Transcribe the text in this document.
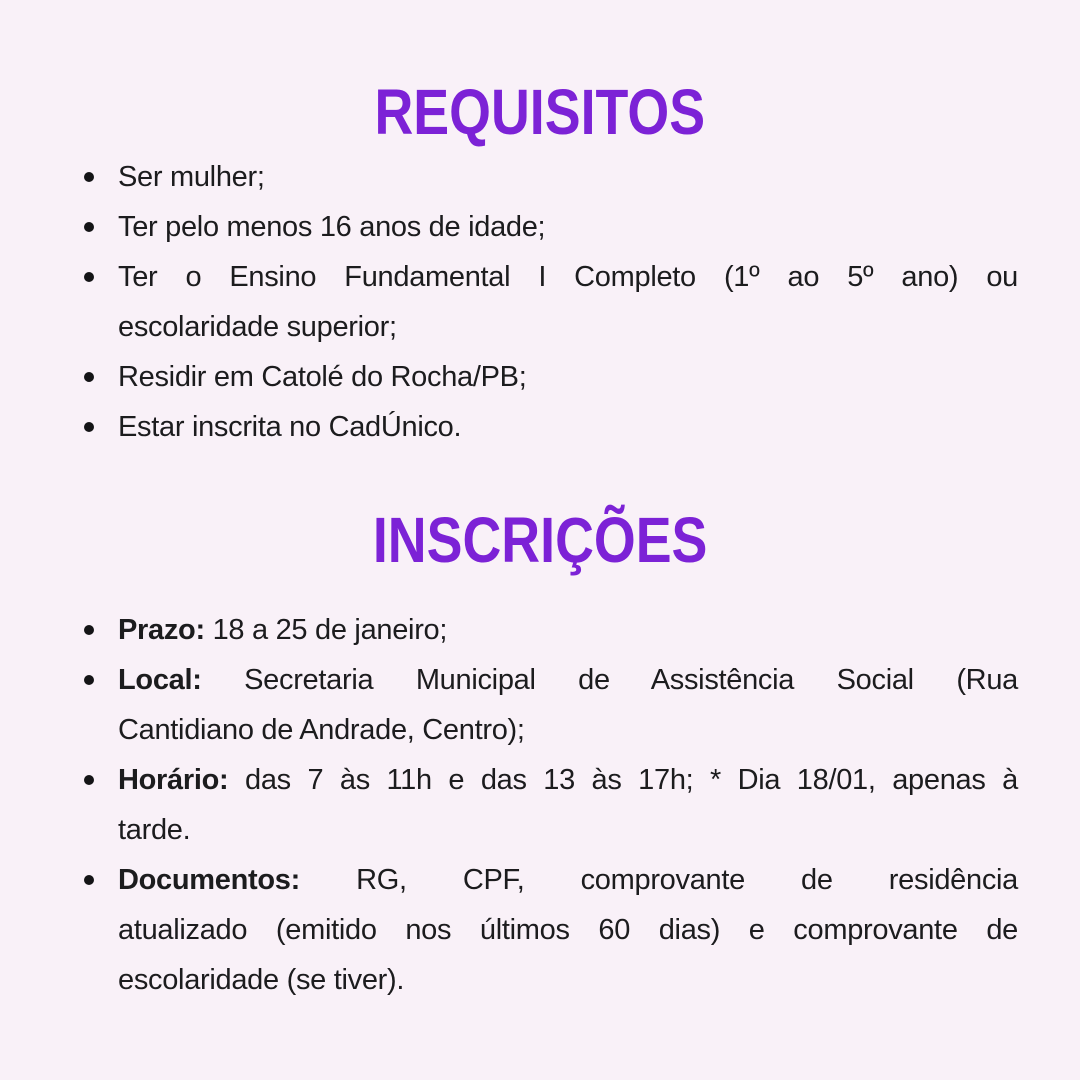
REQUISITOS
Ser mulher;
Ter pelo menos 16 anos de idade;
Ter o Ensino Fundamental I Completo (1º ao 5º ano) ou
escolaridade superior;
Residir em Catolé do Rocha/PB;
Estar inscrita no CadÚnico.
INSCRIÇÕES
Prazo: 18 a 25 de janeiro;
Local: Secretaria Municipal de Assistência Social (Rua
Cantidiano de Andrade, Centro);
Horário: das 7 às 11h e das 13 às 17h; * Dia 18/01, apenas à
tarde.
Documentos: RG, CPF, comprovante de residência
atualizado (emitido nos últimos 60 dias) e comprovante de
escolaridade (se tiver).
